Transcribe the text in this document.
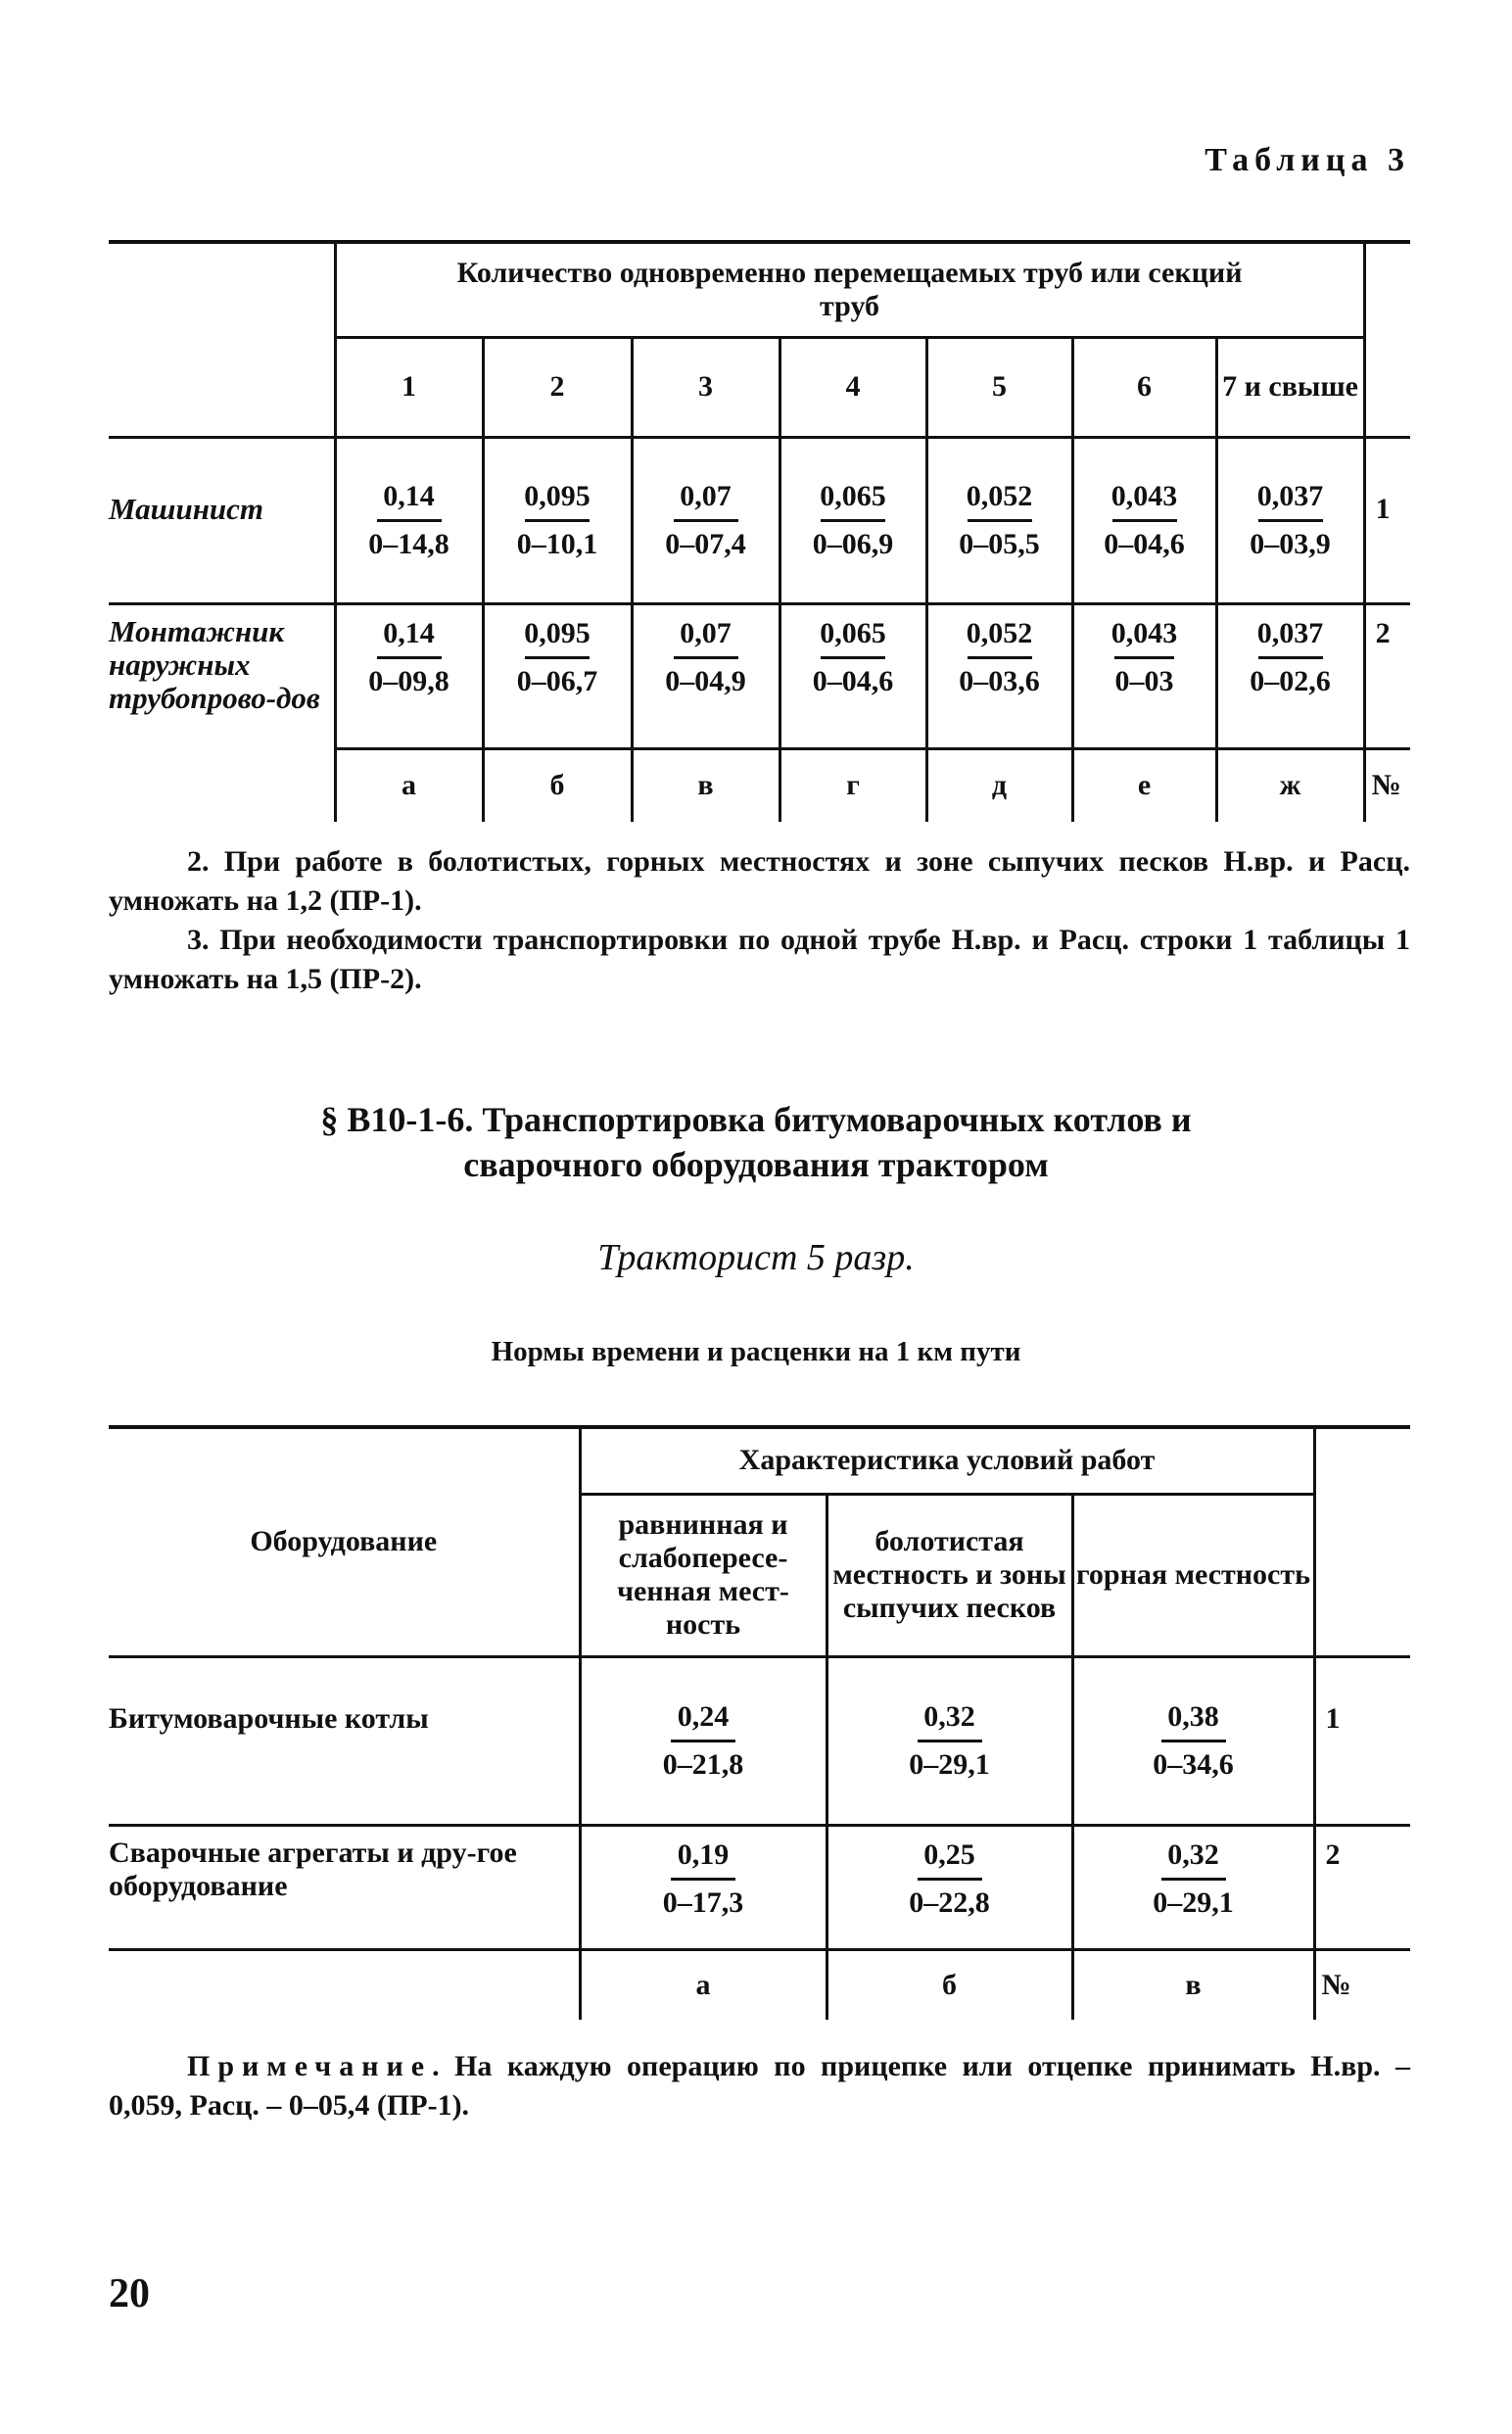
Таблица 3
	Количество одновременно перемещаемых труб или секций труб							
	1	2	3	4	5	6	7 и свыше	
Машинист	$\frac{0,14}{0-14,8}$	$\frac{0,095}{0-10,1}$	$\frac{0,07}{0-07,4}$	$\frac{0,065}{0-06,9}$	$\frac{0,052}{0-05,5}$	$\frac{0,043}{0-04,6}$	$\frac{0,037}{0-03,9}$	1
Монтажник наружных трубопрово-дов	$\frac{0,14}{0-09,8}$	$\frac{0,095}{0-06,7}$	$\frac{0,07}{0-04,9}$	$\frac{0,065}{0-04,6}$	$\frac{0,052}{0-03,6}$	$\frac{0,043}{0-03}$	$\frac{0,037}{0-02,6}$	2
	а	б	в	г	д	е	ж	№
2. При работе в болотистых, горных местностях и зоне сыпучих песков Н.вр. и Расц. умножать на 1,2 (ПР-1).
3. При необходимости транспортировки по одной трубе Н.вр. и Расц. строки 1 таблицы 1 умножать на 1,5 (ПР-2).
§ В10-1-6. Транспортировка битумоварочных котлов и
сварочного оборудования трактором
Тракторист 5 разр.
Нормы времени и расценки на 1 км пути
Оборудование	Характеристика условий работ			
	равнинная и слабопересе-ченная мест-ность	болотистая местность и зоны сыпучих песков	горная местность	
Битумоварочные котлы	$\frac{0,24}{0-21,8}$	$\frac{0,32}{0-29,1}$	$\frac{0,38}{0-34,6}$	1
Сварочные агрегаты и дру-гое оборудование	$\frac{0,19}{0-17,3}$	$\frac{0,25}{0-22,8}$	$\frac{0,32}{0-29,1}$	2
	а	б	в	№
Примечание. На каждую операцию по прицепке или отцепке принимать Н.вр. – 0,059, Расц. – 0–05,4 (ПР-1).
20
